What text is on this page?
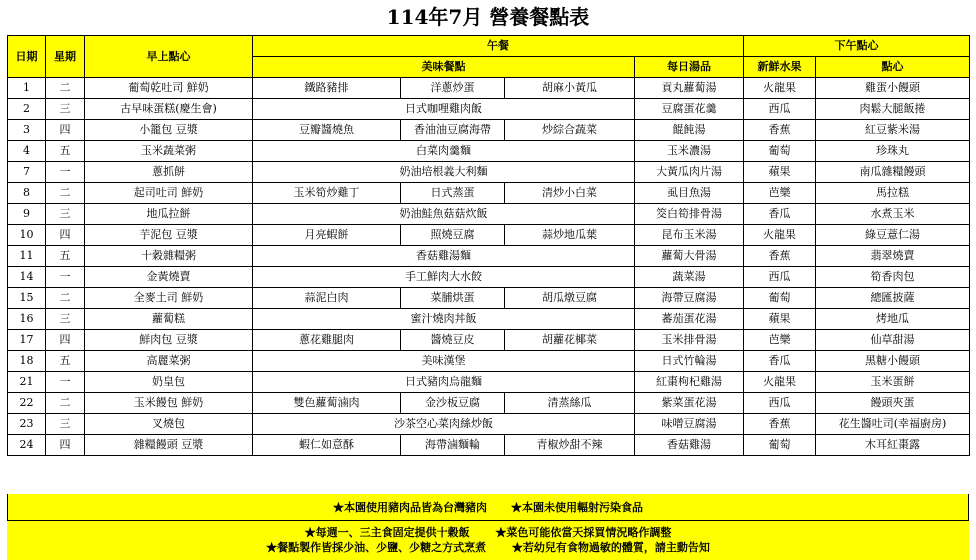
114年7月 營養餐點表
日期	星期	早上點心	午餐				下午點心	
			美味餐點			每日湯品	新鮮水果	點心
1	二	葡萄乾吐司 鮮奶	鐵路豬排	洋蔥炒蛋	胡麻小黃瓜	貢丸蘿蔔湯	火龍果	雞蛋小饅頭
2	三	古早味蛋糕(慶生會)	日式咖哩雞肉飯			豆腐蛋花羹	西瓜	肉鬆大腿飯捲
3	四	小籠包 豆漿	豆瓣醬燒魚	香油油豆腐海帶	炒綜合蔬菜	餛飩湯	香蕉	紅豆紫米湯
4	五	玉米蔬菜粥	白菜肉羹麵			玉米濃湯	葡萄	珍珠丸
7	一	蔥抓餅	奶油培根義大利麵			大黃瓜肉片湯	蘋果	南瓜雜糧饅頭
8	二	起司吐司 鮮奶	玉米筍炒雞丁	日式蒸蛋	清炒小白菜	虱目魚湯	芭樂	馬拉糕
9	三	地瓜拉餅	奶油鮭魚菇菇炊飯			筊白筍排骨湯	香瓜	水煮玉米
10	四	芋泥包 豆漿	月亮蝦餅	照燒豆腐	蒜炒地瓜葉	昆布玉米湯	火龍果	綠豆薏仁湯
11	五	十穀雜糧粥	香菇雞湯麵			蘿蔔大骨湯	香蕉	翡翠燒賣
14	一	金黃燒賣	手工鮮肉大水餃			蔬菜湯	西瓜	筍香肉包
15	二	全麥土司 鮮奶	蒜泥白肉	菜脯烘蛋	胡瓜燉豆腐	海帶豆腐湯	葡萄	總匯披薩
16	三	蘿蔔糕	蜜汁燒肉丼飯			蕃茄蛋花湯	蘋果	烤地瓜
17	四	鮮肉包 豆漿	蔥花雞腿肉	醬燒豆皮	胡蘿花椰菜	玉米排骨湯	芭樂	仙草甜湯
18	五	高麗菜粥	美味漢堡			日式竹輪湯	香瓜	黑糖小饅頭
21	一	奶皇包	日式豬肉烏龍麵			紅棗枸杞雞湯	火龍果	玉米蛋餅
22	二	玉米饅包 鮮奶	雙色蘿蔔滷肉	金沙板豆腐	清蒸絲瓜	紫菜蛋花湯	西瓜	饅頭夾蛋
23	三	叉燒包	沙茶空心菜肉絲炒飯			味噌豆腐湯	香蕉	花生醬吐司(幸福廚房)
24	四	雜糧饅頭 豆漿	蝦仁如意酥	海帶滷麵輪	青椒炒甜不辣	香菇雞湯	葡萄	木耳紅棗露
★本園使用豬肉品皆為台灣豬肉 ★本園未使用輻射污染食品
★每週一、三主食固定提供十穀飯 ★菜色可能依當天採買情況略作調整
★餐點製作皆採少油、少鹽、少糖之方式烹煮 ★若幼兒有食物過敏的體質，請主動告知
